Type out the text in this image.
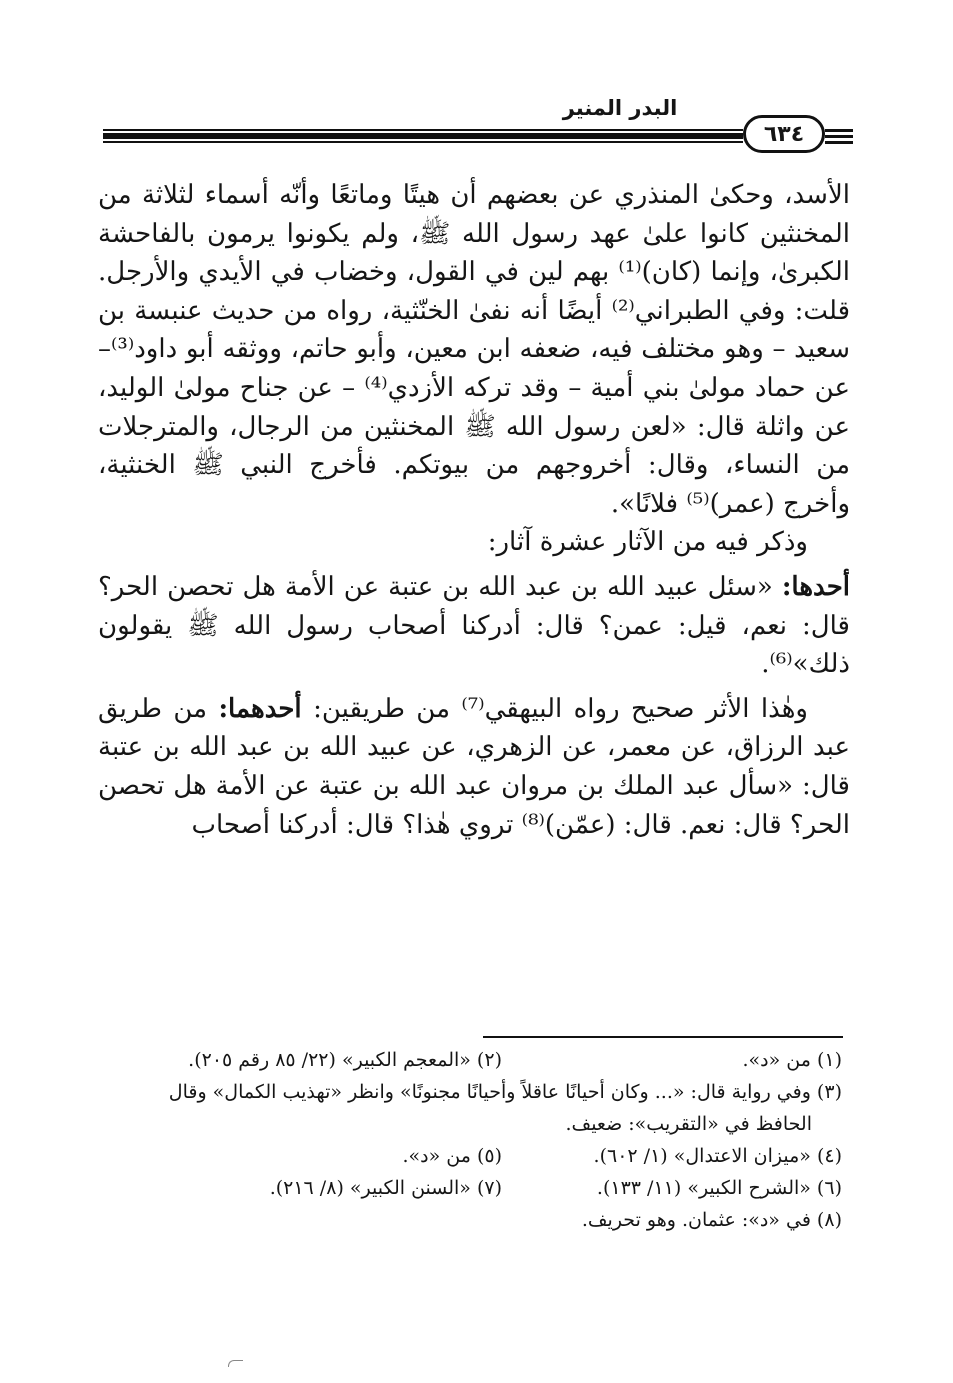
البدر المنير
٦٣٤

الأسد، وحكىٰ المنذري عن بعضهم أن هيتًا وماتعًا وأنّه أسماء لثلاثة من المخنثين كانوا علىٰ عهد رسول الله ﷺ، ولم يكونوا يرمون بالفاحشة الكبرىٰ، وإنما (كان)⁽¹⁾ بهم لين في القول، وخضاب في الأيدي والأرجل. قلت: وفي الطبراني⁽²⁾ أيضًا أنه نفىٰ الخنّثية، رواه من حديث عنبسة بن سعيد – وهو مختلف فيه، ضعفه ابن معين، وأبو حاتم، ووثقه أبو داود⁽³⁾– عن حماد مولىٰ بني أمية – وقد تركه الأزدي⁽⁴⁾ – عن جناح مولىٰ الوليد، عن واثلة قال: «لعن رسول الله ﷺ المخنثين من الرجال، والمترجلات من النساء، وقال: أخروجهم من بيوتكم. فأخرج النبي ﷺ الخنثية، وأخرج (عمر)⁽⁵⁾ فلانًا».

وذكر فيه من الآثار عشرة آثار:

أحدها: «سئل عبيد الله بن عبد الله بن عتبة عن الأمة هل تحصن الحر؟ قال: نعم، قيل: عمن؟ قال: أدركنا أصحاب رسول الله ﷺ يقولون ذلك»⁽⁶⁾.

وهٰذا الأثر صحيح رواه البيهقي⁽⁷⁾ من طريقين: أحدهما: من طريق عبد الرزاق، عن معمر، عن الزهري، عن عبيد الله بن عبد الله بن عتبة قال: «سأل عبد الملك بن مروان عبد الله بن عتبة عن الأمة هل تحصن الحر؟ قال: نعم. قال: (عمّن)⁽⁸⁾ تروي هٰذا؟ قال: أدركنا أصحاب

(١) من «د».
(٢) «المعجم الكبير» (٢٢/ ٨٥ رقم ٢٠٥).
(٣) وفي رواية قال: «... وكان أحيانًا عاقلاً وأحيانًا مجنونًا» وانظر «تهذيب الكمال» وقال
الحافظ في «التقريب»: ضعيف.
(٤) «ميزان الاعتدال» (١/ ٦٠٢).
(٥) من «د».
(٦) «الشرح الكبير» (١١/ ١٣٣).
(٧) «السنن الكبير» (٨/ ٢١٦).
(٨) في «د»: عثمان. وهو تحريف.
